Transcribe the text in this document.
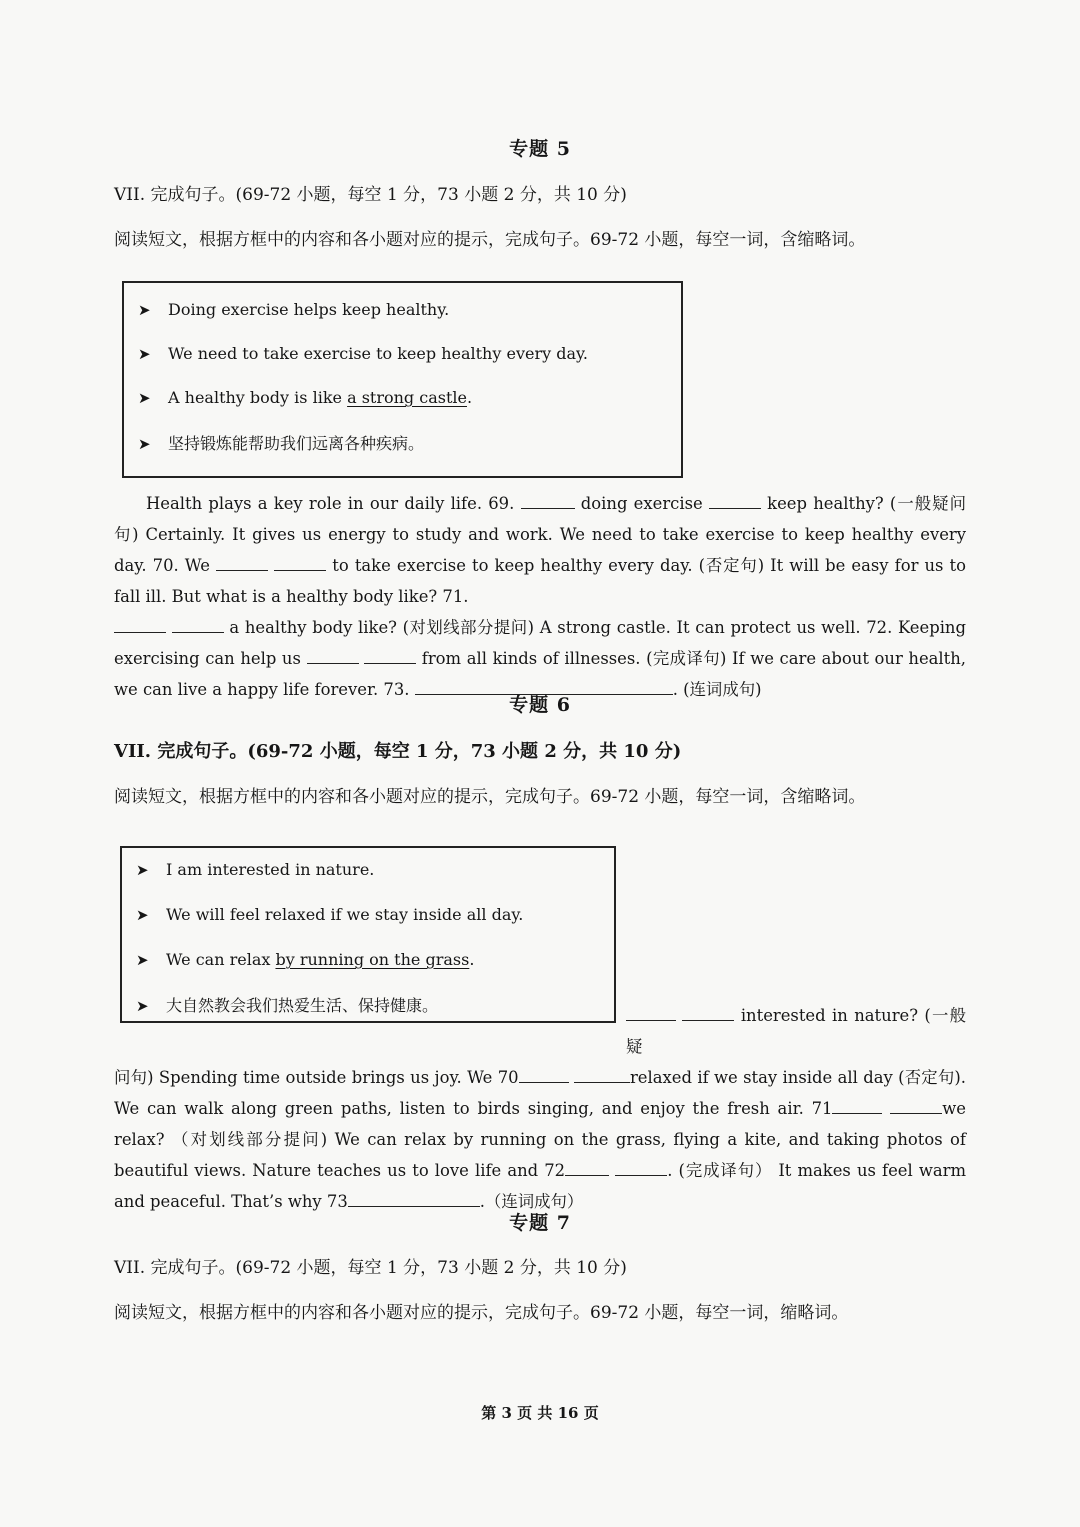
专题 5
VII. 完成句子。(69-72 小题，每空 1 分，73 小题 2 分，共 10 分)
阅读短文，根据方框中的内容和各小题对应的提示，完成句子。69-72 小题，每空一词，含缩略词。
➤ Doing exercise helps keep healthy.
➤ We need to take exercise to keep healthy every day.
➤ A healthy body is like a strong castle.
➤ 坚持锻炼能帮助我们远离各种疾病。

Health plays a key role in our daily life. 69.	doing exercise	keep healthy? (一般疑问句) Certainly. It gives us energy to study and work. We need to take exercise to keep healthy every day. 70. We	to take exercise to keep healthy every day. (否定句) It will be easy for us to fall ill. But what is a healthy body like? 71.
a healthy body like? (对划线部分提问) A strong castle. It can protect us well. 72. Keeping exercising can help us	from all kinds of illnesses. (完成译句) If we care about our health, we can live a happy life forever. 73.	. (连词成句)

专题 6
VII. 完成句子。(69-72 小题，每空 1 分，73 小题 2 分，共 10 分)
阅读短文，根据方框中的内容和各小题对应的提示，完成句子。69-72 小题，每空一词，含缩略词。

interested in nature? (一般疑

问句) Spending time outside brings us joy. We 70	relaxed if we stay inside all day (否定句). We can walk along green paths, listen to birds singing, and enjoy the fresh air. 71	we relax? （对划线部分提问) We can relax by running on the grass, flying a kite, and taking photos of beautiful views. Nature teaches us to love life and 72	. (完成译句） It makes us feel warm and peaceful. That’s why 73	.（连词成句）

➤ I am interested in nature.
➤ We will feel relaxed if we stay inside all day.
➤ We can relax by running on the grass.
➤ 大自然教会我们热爱生活、保持健康。
专题 7
VII. 完成句子。(69-72 小题，每空 1 分，73 小题 2 分，共 10 分)
阅读短文，根据方框中的内容和各小题对应的提示，完成句子。69-72 小题，每空一词，缩略词。
第 3 页 共 16 页
